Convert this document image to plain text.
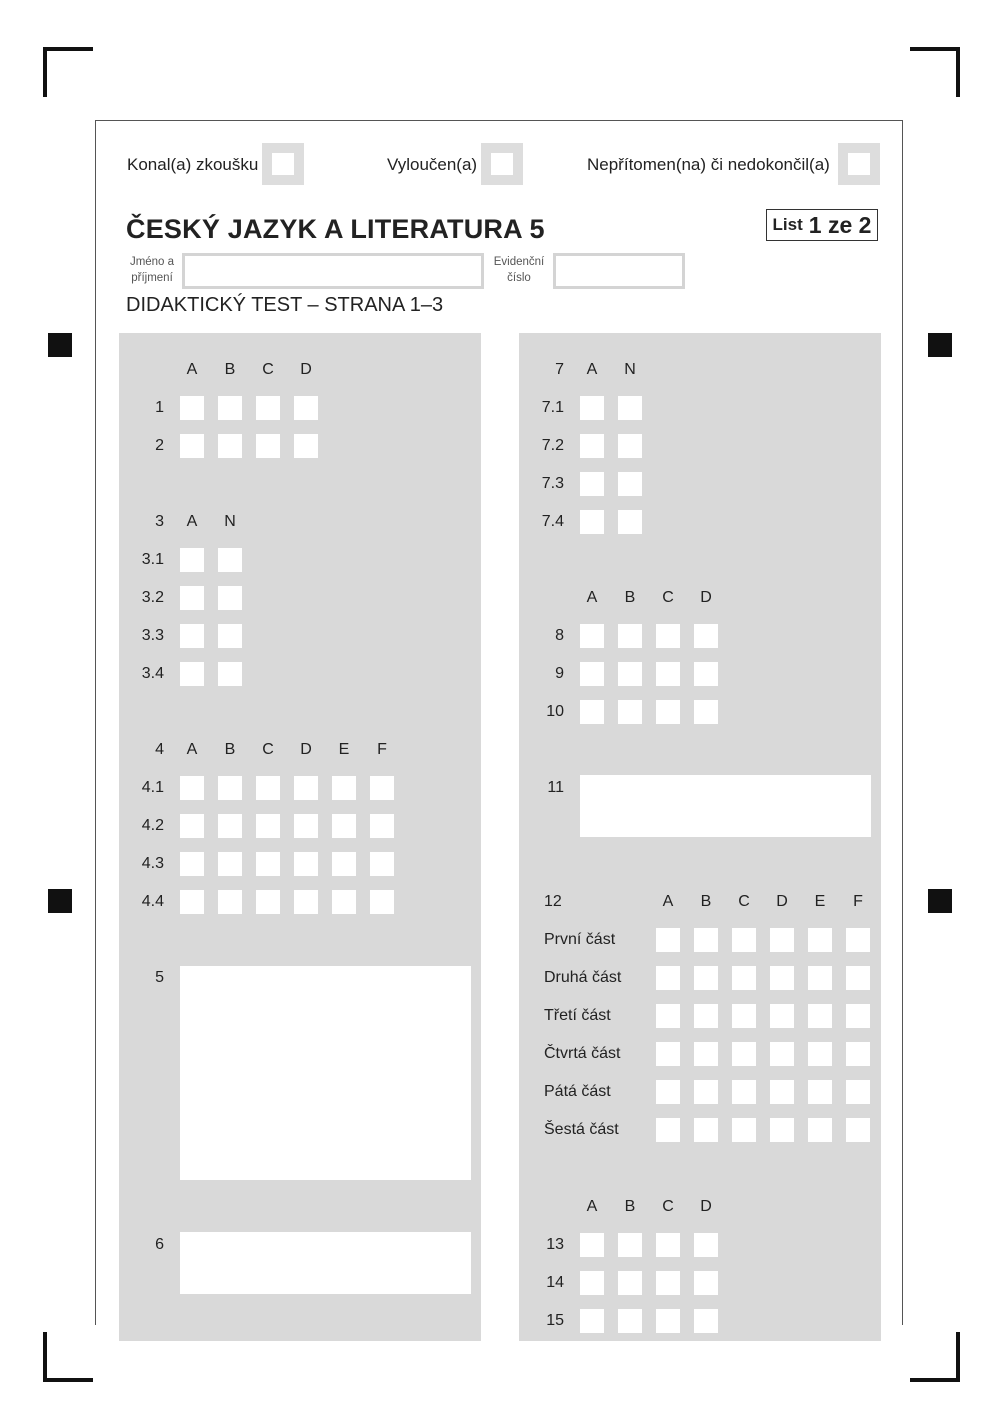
Konal(a) zkoušku	Vyloučen(a)	Nepřítomen(na) či nedokončil(a)
ČESKÝ JAZYK A LITERATURA 5	List 1 ze 2
Jméno a
příjmení
Evidenční
číslo
DIDAKTICKÝ TEST – STRANA 1–3
A	B	C	D
1
2
3	A	N
3.1
3.2
3.3
3.4
4	A	B	C	D	E	F
4.1
4.2
4.3
4.4
7	A	N
7.1
7.2
7.3
7.4
A	B	C	D
8
9
10
12	A	B	C	D	E	F
První část
Druhá část
Třetí část
Čtvrtá část
Pátá část
Šestá část
A	B	C	D
13
14
15
5
6
11
